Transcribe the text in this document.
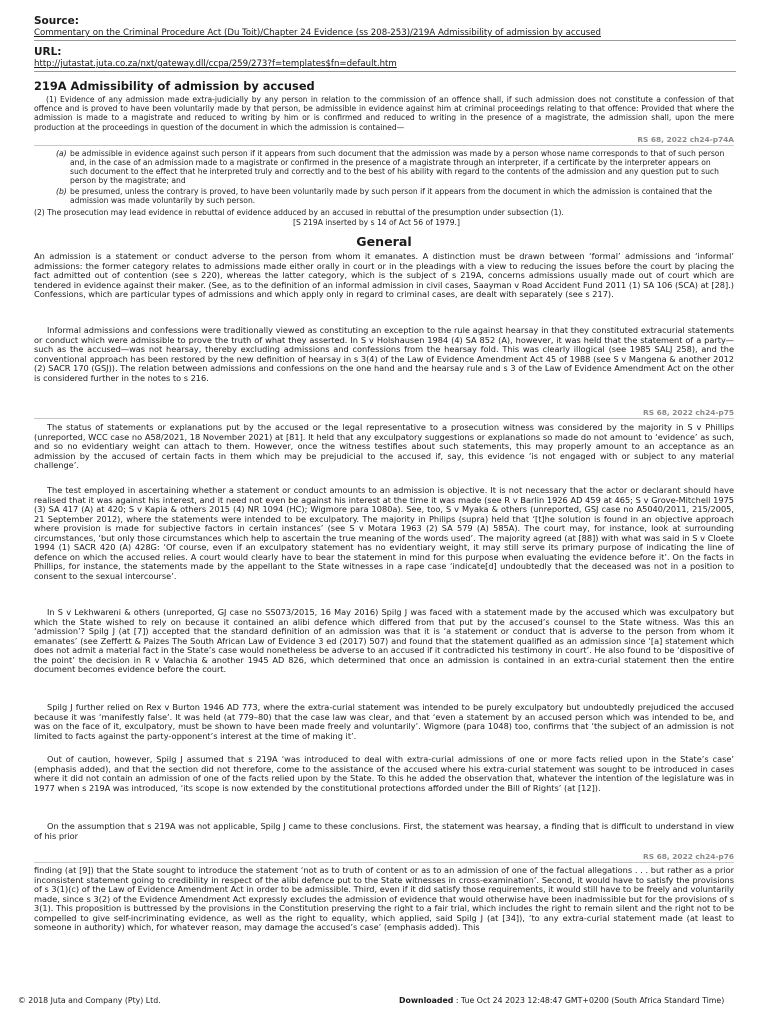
Source:
Commentary on the Criminal Procedure Act (Du Toit)/Chapter 24 Evidence (ss 208-253)/219A Admissibility of admission by accused
URL:
http://jutastat.juta.co.za/nxt/gateway.dll/ccpa/259/273?f=templates$fn=default.htm
219A Admissibility of admission by accused
(1) Evidence of any admission made extra-judicially by any person in relation to the commission of an offence shall, if such admission does not constitute a confession of that offence and is proved to have been voluntarily made by that person, be admissible in evidence against him at criminal proceedings relating to that offence: Provided that where the admission is made to a magistrate and reduced to writing by him or is confirmed and reduced to writing in the presence of a magistrate, the admission shall, upon the mere production at the proceedings in question of the document in which the admission is contained—
RS 68, 2022 ch24-p74A
(a) be admissible in evidence against such person if it appears from such document that the admission was made by a person whose name corresponds to that of such person and, in the case of an admission made to a magistrate or confirmed in the presence of a magistrate through an interpreter, if a certificate by the interpreter appears on such document to the effect that he interpreted truly and correctly and to the best of his ability with regard to the contents of the admission and any question put to such person by the magistrate; and
(b) be presumed, unless the contrary is proved, to have been voluntarily made by such person if it appears from the document in which the admission is contained that the admission was made voluntarily by such person.
(2) The prosecution may lead evidence in rebuttal of evidence adduced by an accused in rebuttal of the presumption under subsection (1).
[S 219A inserted by s 14 of Act 56 of 1979.]
General
An admission is a statement or conduct adverse to the person from whom it emanates. A distinction must be drawn between ‘formal’ admissions and ‘informal’ admissions: the former category relates to admissions made either orally in court or in the pleadings with a view to reducing the issues before the court by placing the fact admitted out of contention (see s 220), whereas the latter category, which is the subject of s 219A, concerns admissions usually made out of court which are tendered in evidence against their maker. (See, as to the definition of an informal admission in civil cases, Saayman v Road Accident Fund 2011 (1) SA 106 (SCA) at [28].) Confessions, which are particular types of admissions and which apply only in regard to criminal cases, are dealt with separately (see s 217).
Informal admissions and confessions were traditionally viewed as constituting an exception to the rule against hearsay in that they constituted extracurial statements or conduct which were admissible to prove the truth of what they asserted. In S v Holshausen 1984 (4) SA 852 (A), however, it was held that the statement of a party—such as the accused—was not hearsay, thereby excluding admissions and confessions from the hearsay fold. This was clearly illogical (see 1985 SALJ 258), and the conventional approach has been restored by the new definition of hearsay in s 3(4) of the Law of Evidence Amendment Act 45 of 1988 (see S v Mangena & another 2012 (2) SACR 170 (GSJ)). The relation between admissions and confessions on the one hand and the hearsay rule and s 3 of the Law of Evidence Amendment Act on the other is considered further in the notes to s 216.
RS 68, 2022 ch24-p75
The status of statements or explanations put by the accused or the legal representative to a prosecution witness was considered by the majority in S v Phillips (unreported, WCC case no A58/2021, 18 November 2021) at [81]. It held that any exculpatory suggestions or explanations so made do not amount to ‘evidence’ as such, and so no evidentiary weight can attach to them. However, once the witness testifies about such statements, this may properly amount to an acceptance as an admission by the accused of certain facts in them which may be prejudicial to the accused if, say, this evidence ‘is not engaged with or subject to any material challenge’.
The test employed in ascertaining whether a statement or conduct amounts to an admission is objective. It is not necessary that the actor or declarant should have realised that it was against his interest, and it need not even be against his interest at the time it was made (see R v Barlin 1926 AD 459 at 465; S v Grove-Mitchell 1975 (3) SA 417 (A) at 420; S v Kapia & others 2015 (4) NR 1094 (HC); Wigmore para 1080a). See, too, S v Myaka & others (unreported, GSJ case no A5040/2011, 215/2005, 21 September 2012), where the statements were intended to be exculpatory. The majority in Philips (supra) held that ‘[t]he solution is found in an objective approach where provision is made for subjective factors in certain instances’ (see S v Motara 1963 (2) SA 579 (A) 585A). The court may, for instance, look at surrounding circumstances, ‘but only those circumstances which help to ascertain the true meaning of the words used’. The majority agreed (at [88]) with what was said in S v Cloete 1994 (1) SACR 420 (A) 428G: ‘Of course, even if an exculpatory statement has no evidentiary weight, it may still serve its primary purpose of indicating the line of defence on which the accused relies. A court would clearly have to bear the statement in mind for this purpose when evaluating the evidence before it’. On the facts in Phillips, for instance, the statements made by the appellant to the State witnesses in a rape case ‘indicate[d] undoubtedly that the deceased was not in a position to consent to the sexual intercourse’.
In S v Lekhwareni & others (unreported, GJ case no SS073/2015, 16 May 2016) Spilg J was faced with a statement made by the accused which was exculpatory but which the State wished to rely on because it contained an alibi defence which differed from that put by the accused’s counsel to the State witness. Was this an ‘admission’? Spilg J (at [7]) accepted that the standard definition of an admission was that it is ‘a statement or conduct that is adverse to the person from whom it emanates’ (see Zeffertt & Paizes The South African Law of Evidence 3 ed (2017) 507) and found that the statement qualified as an admission since ‘[a] statement which does not admit a material fact in the State’s case would nonetheless be adverse to an accused if it contradicted his testimony in court’. He also found to be ‘dispositive of the point’ the decision in R v Valachia & another 1945 AD 826, which determined that once an admission is contained in an extra-curial statement then the entire document becomes evidence before the court.
Spilg J further relied on Rex v Burton 1946 AD 773, where the extra-curial statement was intended to be purely exculpatory but undoubtedly prejudiced the accused because it was ‘manifestly false’. It was held (at 779–80) that the case law was clear, and that ‘even a statement by an accused person which was intended to be, and was on the face of it, exculpatory, must be shown to have been made freely and voluntarily’. Wigmore (para 1048) too, confirms that ‘the subject of an admission is not limited to facts against the party-opponent’s interest at the time of making it’.
Out of caution, however, Spilg J assumed that s 219A ‘was introduced to deal with extra-curial admissions of one or more facts relied upon in the State’s case’ (emphasis added), and that the section did not therefore, come to the assistance of the accused where his extra-curial statement was sought to be introduced in cases where it did not contain an admission of one of the facts relied upon by the State. To this he added the observation that, whatever the intention of the legislature was in 1977 when s 219A was introduced, ‘its scope is now extended by the constitutional protections afforded under the Bill of Rights’ (at [12]).
On the assumption that s 219A was not applicable, Spilg J came to these conclusions. First, the statement was hearsay, a finding that is difficult to understand in view of his prior
RS 68, 2022 ch24-p76
finding (at [9]) that the State sought to introduce the statement ‘not as to truth of content or as to an admission of one of the factual allegations . . . but rather as a prior inconsistent statement going to credibility in respect of the alibi defence put to the State witnesses in cross-examination’. Second, it would have to satisfy the provisions of s 3(1)(c) of the Law of Evidence Amendment Act in order to be admissible. Third, even if it did satisfy those requirements, it would still have to be freely and voluntarily made, since s 3(2) of the Evidence Amendment Act expressly excludes the admission of evidence that would otherwise have been inadmissible but for the provisions of s 3(1). This proposition is buttressed by the provisions in the Constitution preserving the right to a fair trial, which includes the right to remain silent and the right not to be compelled to give self-incriminating evidence, as well as the right to equality, which applied, said Spilg J (at [34]), ‘to any extra-curial statement made (at least to someone in authority) which, for whatever reason, may damage the accused’s case’ (emphasis added). This
© 2018 Juta and Company (Pty) Ltd.	Downloaded : Tue Oct 24 2023 12:48:47 GMT+0200 (South Africa Standard Time)
